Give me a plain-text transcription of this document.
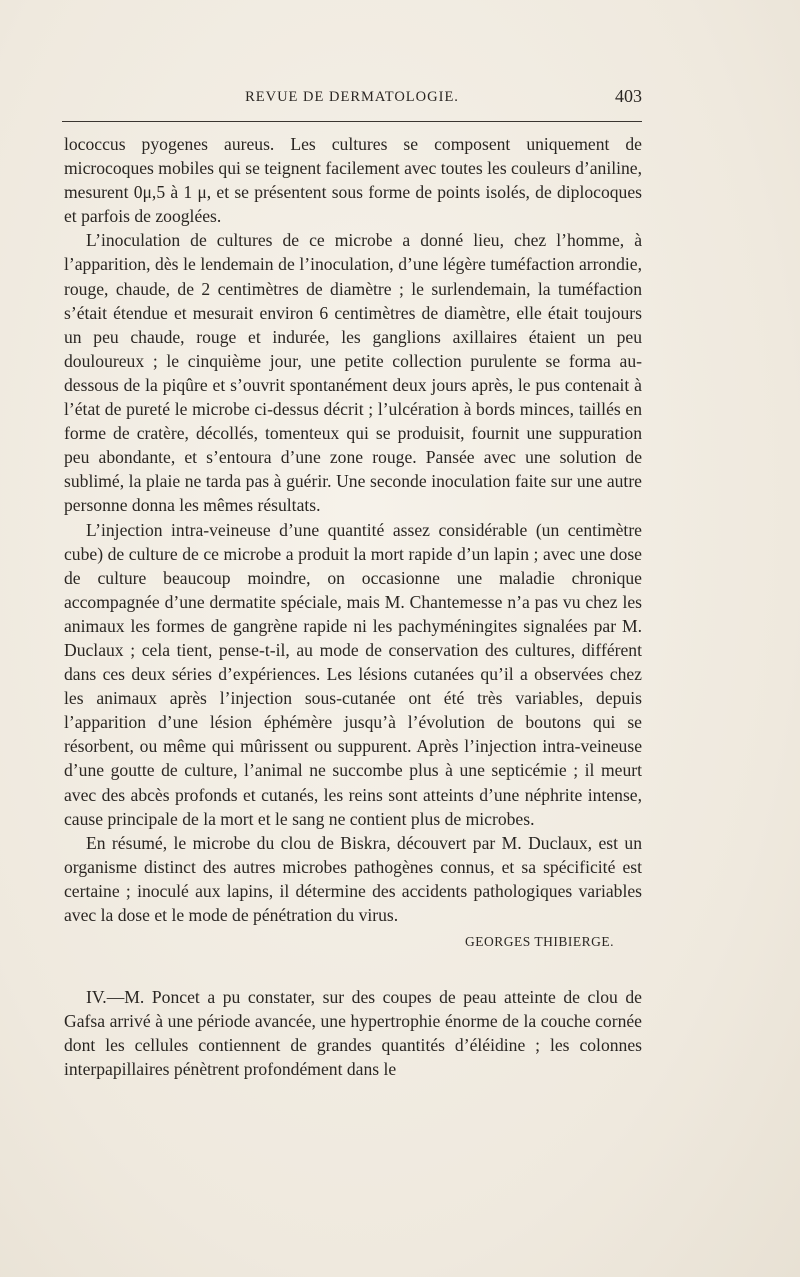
REVUE DE DERMATOLOGIE.	403

lococcus pyogenes aureus. Les cultures se composent uniquement de microcoques mobiles qui se teignent facilement avec toutes les couleurs d’aniline, mesurent 0μ,5 à 1 μ, et se présentent sous forme de points isolés, de diplocoques et parfois de zooglées.

L’inoculation de cultures de ce microbe a donné lieu, chez l’homme, à l’apparition, dès le lendemain de l’inoculation, d’une légère tuméfaction arrondie, rouge, chaude, de 2 centimètres de diamètre ; le surlendemain, la tuméfaction s’était étendue et mesurait environ 6 centimètres de diamètre, elle était toujours un peu chaude, rouge et indurée, les ganglions axillaires étaient un peu douloureux ; le cinquième jour, une petite collection purulente se forma au-dessous de la piqûre et s’ouvrit spontanément deux jours après, le pus contenait à l’état de pureté le microbe ci-dessus décrit ; l’ulcération à bords minces, taillés en forme de cratère, décollés, tomenteux qui se produisit, fournit une suppuration peu abondante, et s’entoura d’une zone rouge. Pansée avec une solution de sublimé, la plaie ne tarda pas à guérir. Une seconde inoculation faite sur une autre personne donna les mêmes résultats.

L’injection intra-veineuse d’une quantité assez considérable (un centimètre cube) de culture de ce microbe a produit la mort rapide d’un lapin ; avec une dose de culture beaucoup moindre, on occasionne une maladie chronique accompagnée d’une dermatite spéciale, mais M. Chantemesse n’a pas vu chez les animaux les formes de gangrène rapide ni les pachyméningites signalées par M. Duclaux ; cela tient, pense-t-il, au mode de conservation des cultures, différent dans ces deux séries d’expériences. Les lésions cutanées qu’il a observées chez les animaux après l’injection sous-cutanée ont été très variables, depuis l’apparition d’une lésion éphémère jusqu’à l’évolution de boutons qui se résorbent, ou même qui mûrissent ou suppurent. Après l’injection intra-veineuse d’une goutte de culture, l’animal ne succombe plus à une septicémie ; il meurt avec des abcès profonds et cutanés, les reins sont atteints d’une néphrite intense, cause principale de la mort et le sang ne contient plus de microbes.

En résumé, le microbe du clou de Biskra, découvert par M. Duclaux, est un organisme distinct des autres microbes pathogènes connus, et sa spécificité est certaine ; inoculé aux lapins, il détermine des accidents pathologiques variables avec la dose et le mode de pénétration du virus.

GEORGES THIBIERGE.

IV.—M. Poncet a pu constater, sur des coupes de peau atteinte de clou de Gafsa arrivé à une période avancée, une hypertrophie énorme de la couche cornée dont les cellules contiennent de grandes quantités d’éléidine ; les colonnes interpapillaires pénètrent profondément dans le
